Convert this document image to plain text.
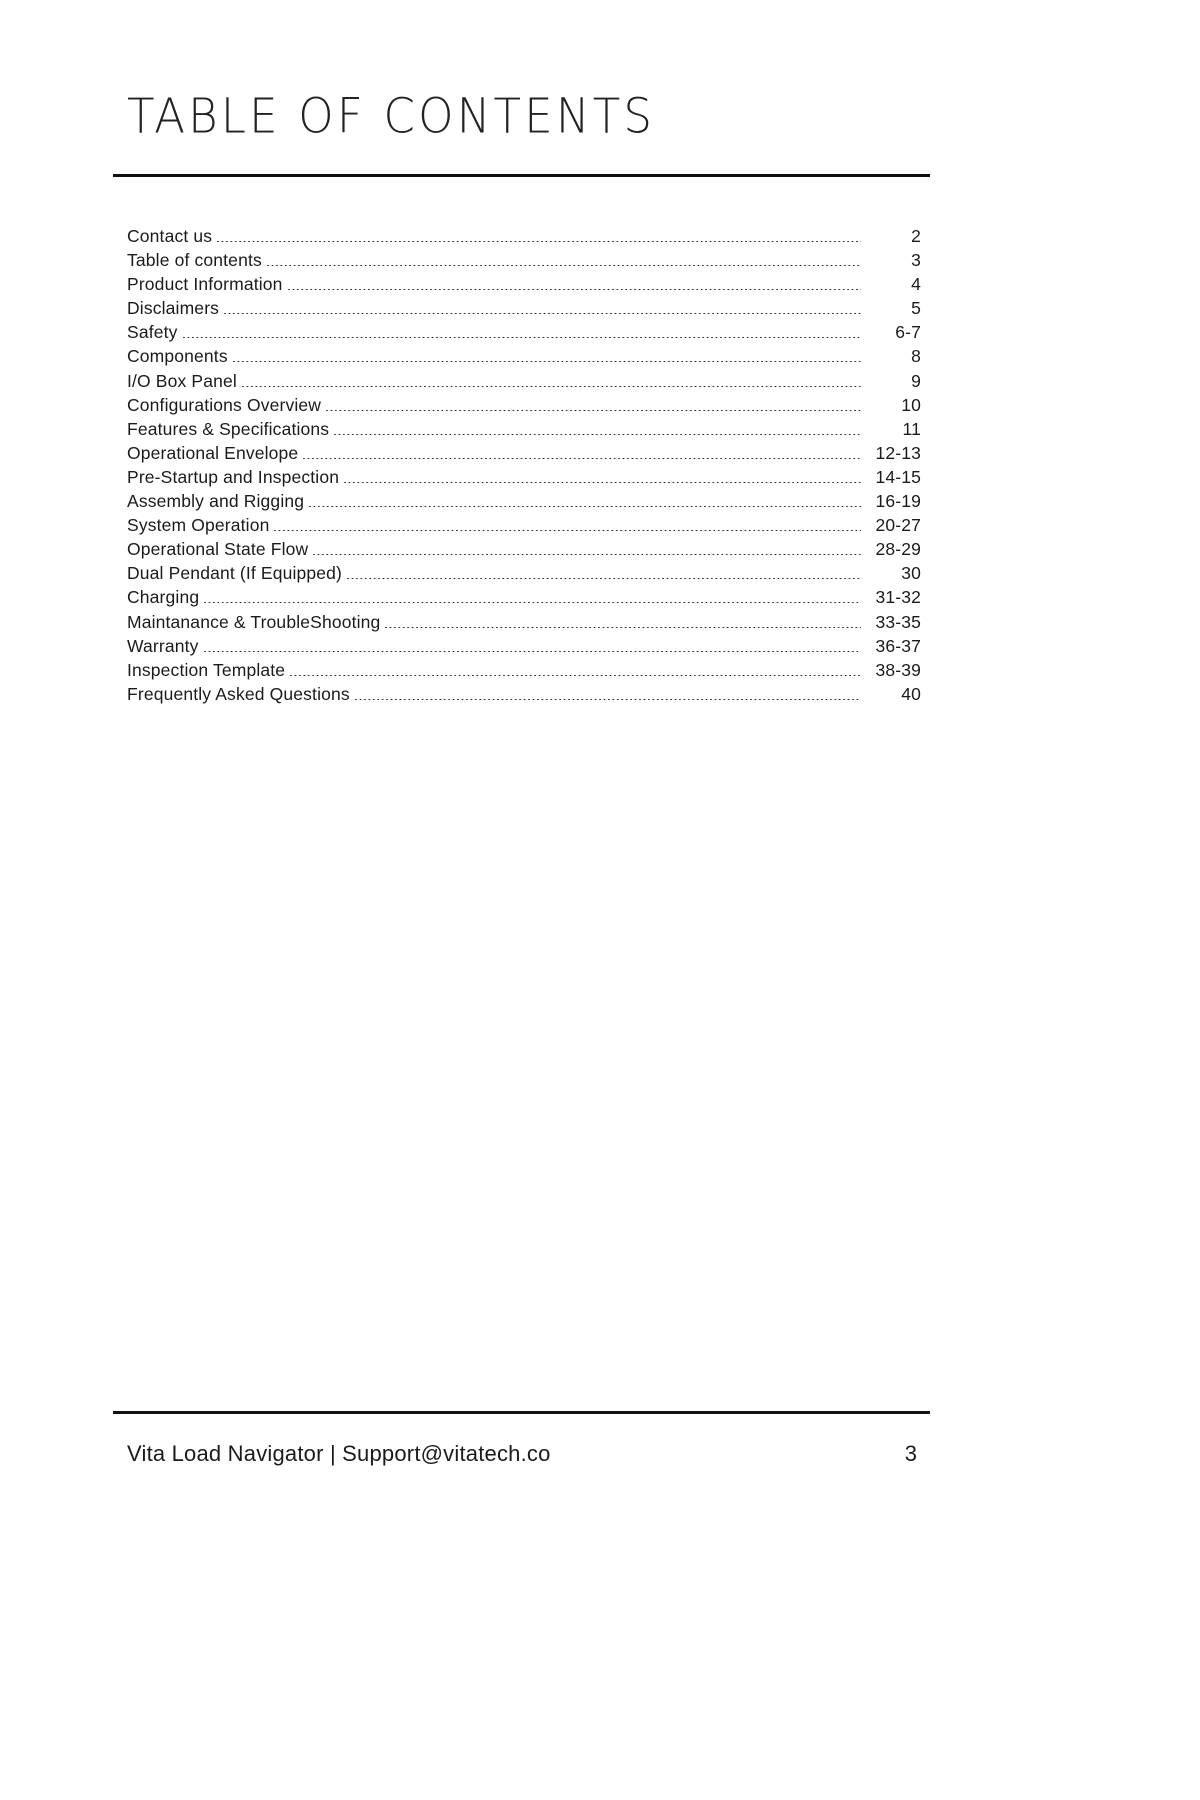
TABLE OF CONTENTS
Contact us	2
Table of contents	3
Product Information	4
Disclaimers	5
Safety	6-7
Components	8
I/O Box Panel	9
Configurations Overview	10
Features & Specifications	11
Operational Envelope	12-13
Pre-Startup and Inspection	14-15
Assembly and Rigging	16-19
System Operation	20-27
Operational State Flow	28-29
Dual Pendant (If Equipped)	30
Charging	31-32
Maintanance & TroubleShooting	33-35
Warranty	36-37
Inspection Template	38-39
Frequently Asked Questions	40
Vita Load Navigator | Support@vitatech.co	3
